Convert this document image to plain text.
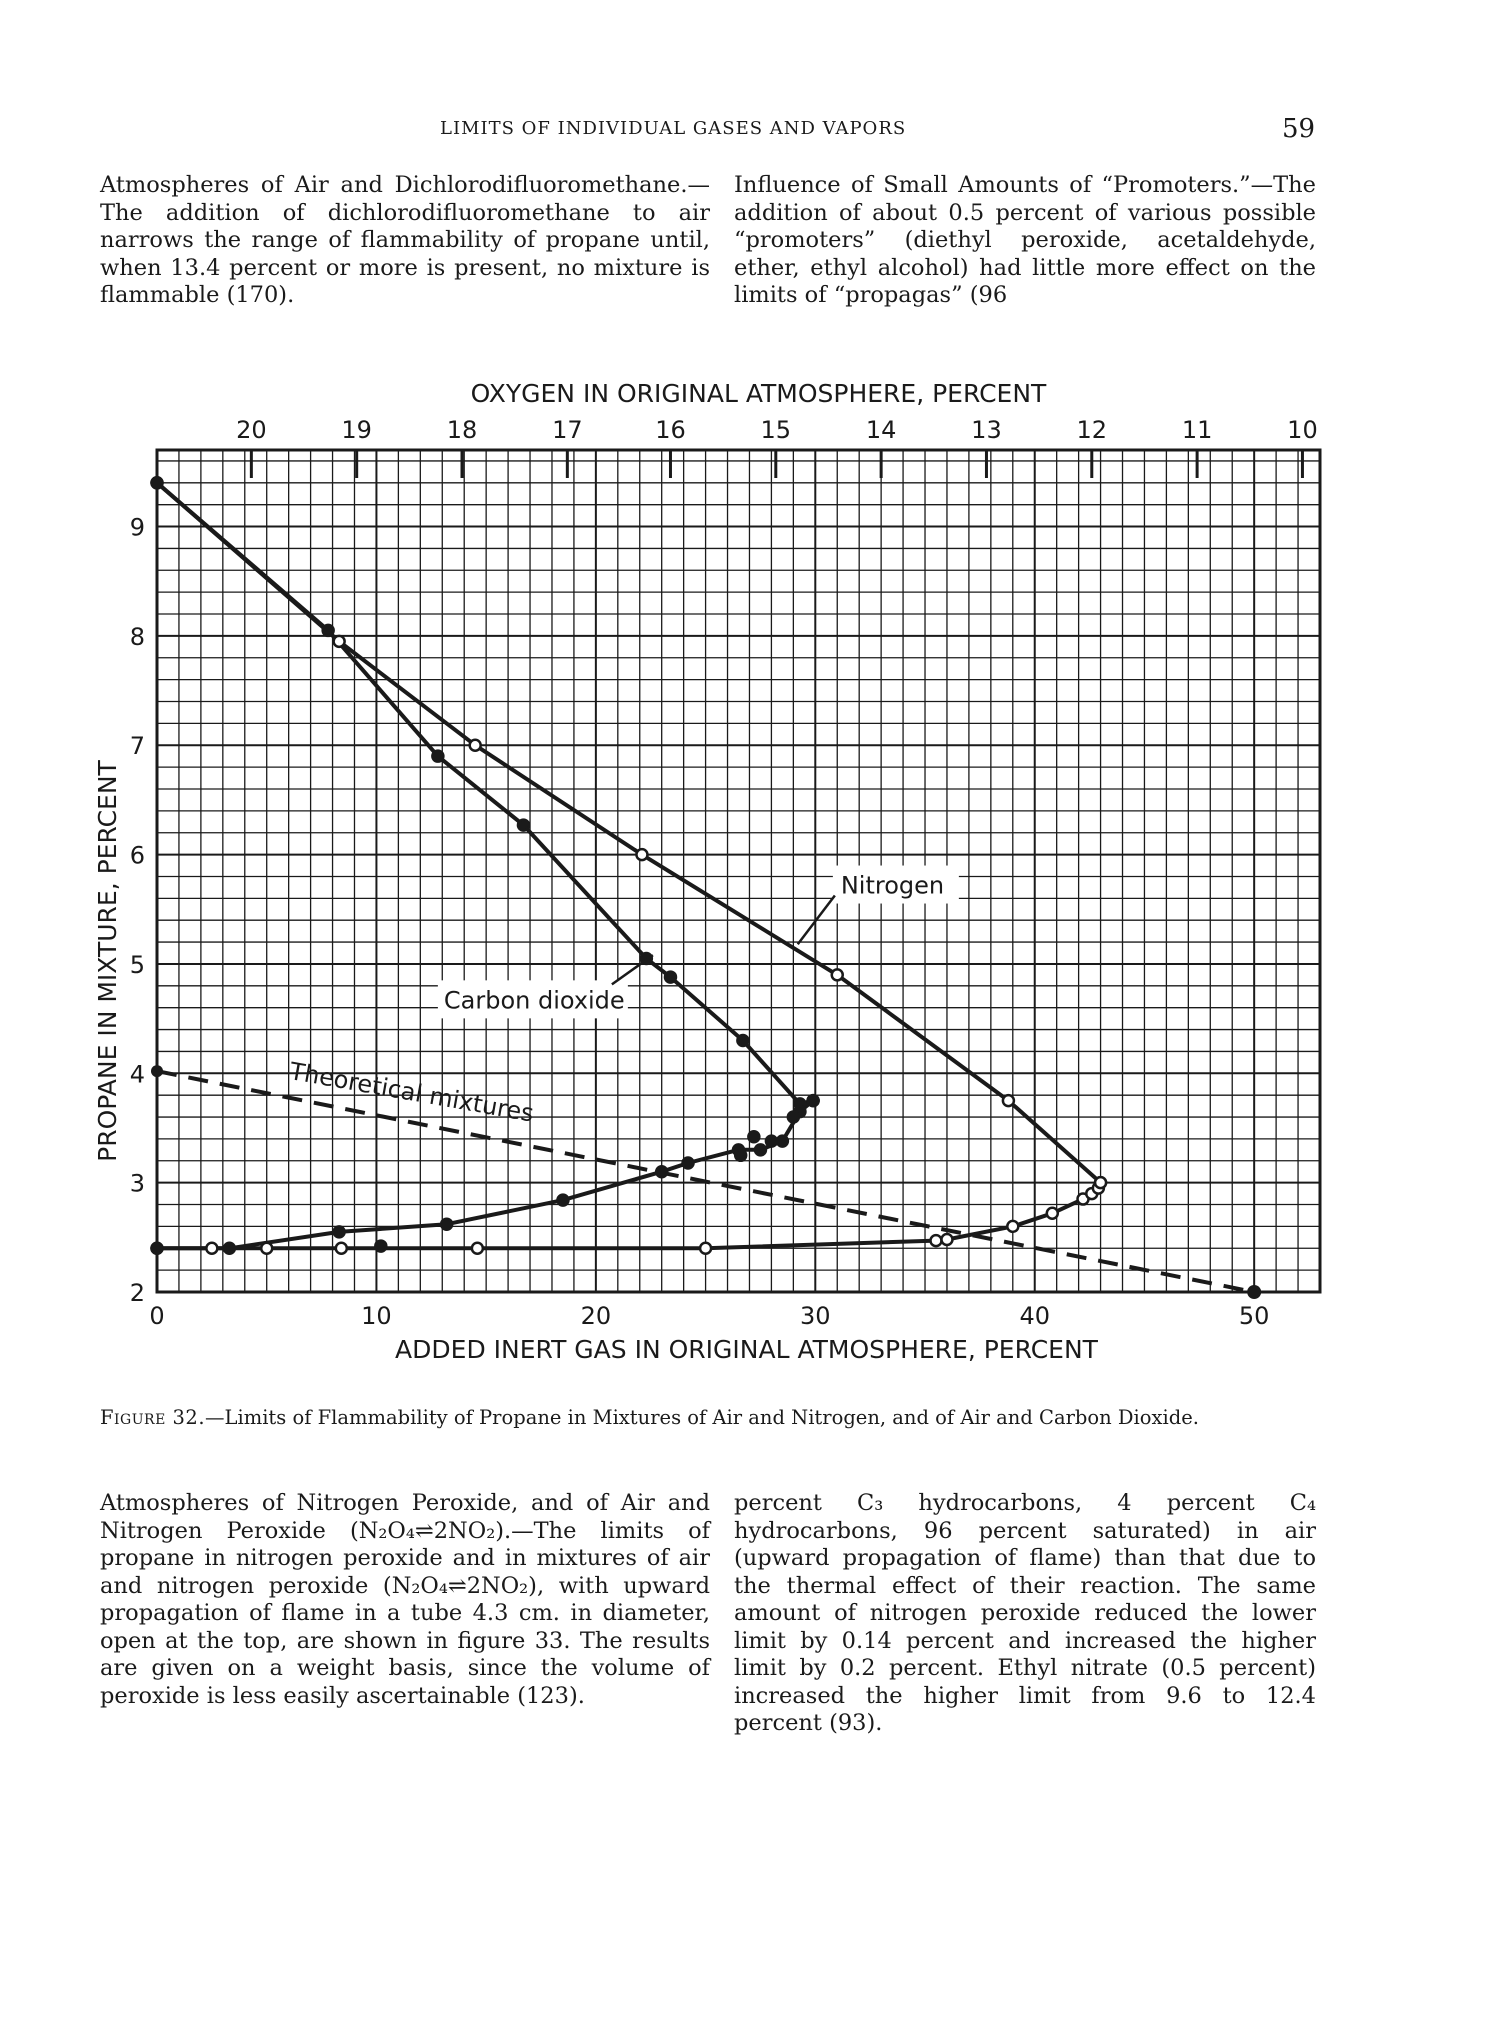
LIMITS OF INDIVIDUAL GASES AND VAPORS	59

Atmospheres of Air and Dichlorodifluoromethane.—The addition of dichlorodifluoromethane to air narrows the range of flammability of propane until, when 13.4 percent or more is present, no mixture is flammable (170).

Influence of Small Amounts of “Promoters.”—The addition of about 0.5 percent of various possible “promoters” (diethyl peroxide, acetaldehyde, ether, ethyl alcohol) had little more effect on the limits of “propagas” (96

20	19	18	17	16	15	14	13	12	11	10
0	10	20	30	40	50
2
3
4
5
6
7
8
9
Nitrogen
Carbon dioxide
Theoretical mixtures
OXYGEN IN ORIGINAL ATMOSPHERE, PERCENT
ADDED INERT GAS IN ORIGINAL ATMOSPHERE, PERCENT
PROPANE IN MIXTURE, PERCENT
Figure 32.—Limits of Flammability of Propane in Mixtures of Air and Nitrogen, and of Air and Carbon Dioxide.

Atmospheres of Nitrogen Peroxide, and of Air and Nitrogen Peroxide (N₂O₄⇌2NO₂).—The limits of propane in nitrogen peroxide and in mixtures of air and nitrogen peroxide (N₂O₄⇌2NO₂), with upward propagation of flame in a tube 4.3 cm. in diameter, open at the top, are shown in figure 33. The results are given on a weight basis, since the volume of peroxide is less easily ascertainable (123).

percent C₃ hydrocarbons, 4 percent C₄ hydrocarbons, 96 percent saturated) in air (upward propagation of flame) than that due to the thermal effect of their reaction. The same amount of nitrogen peroxide reduced the lower limit by 0.14 percent and increased the higher limit by 0.2 percent. Ethyl nitrate (0.5 percent) increased the higher limit from 9.6 to 12.4 percent (93).
